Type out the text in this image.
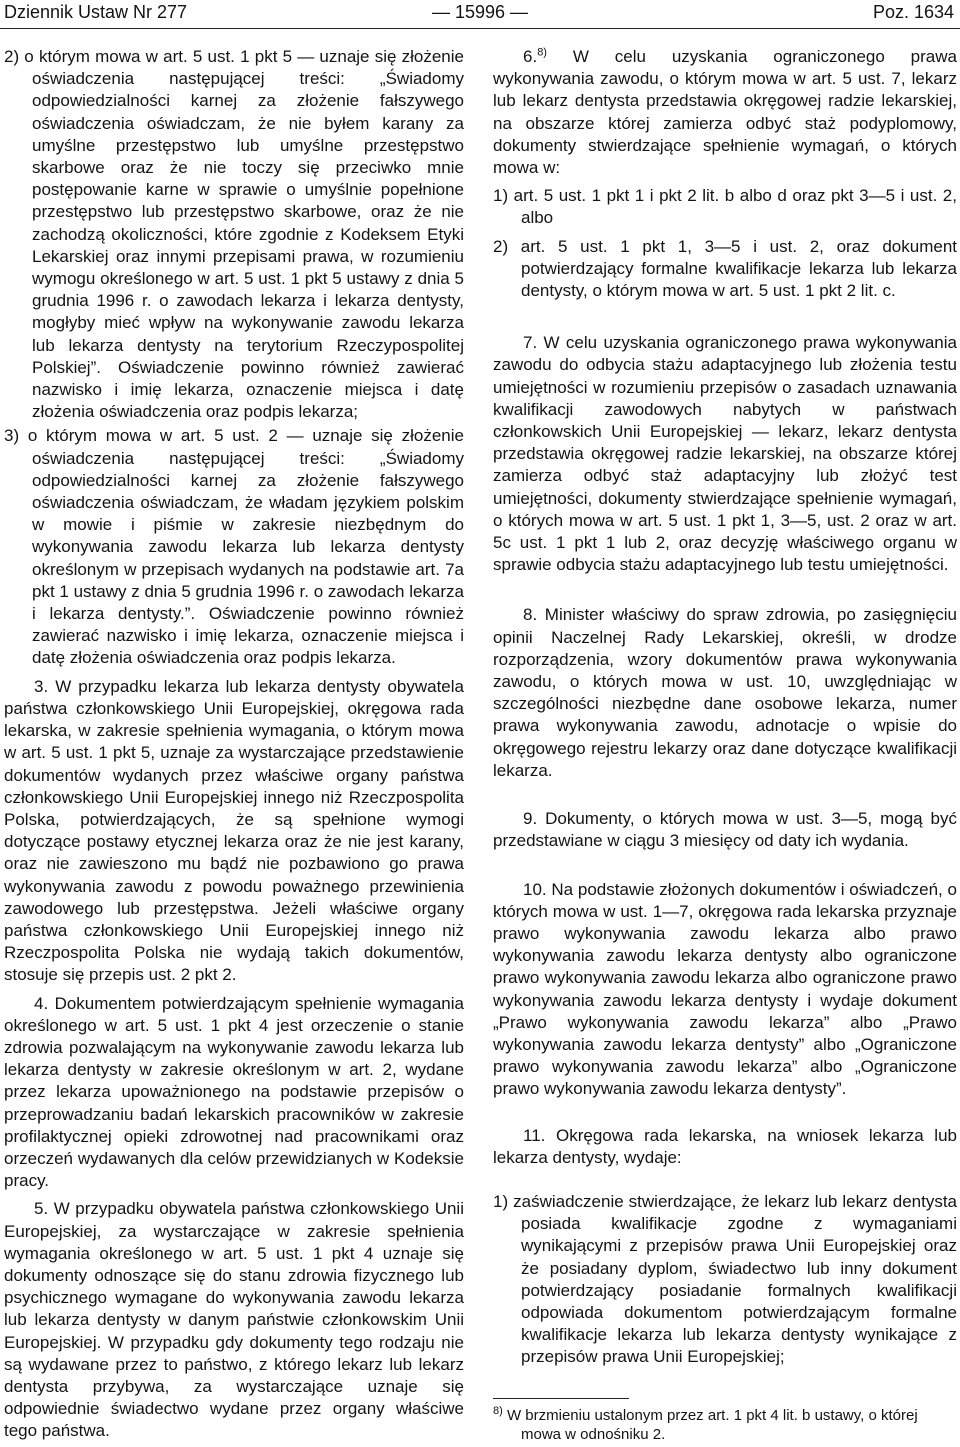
Dziennik Ustaw Nr 277	— 15996 —	Poz. 1634

2) o którym mowa w art. 5 ust. 1 pkt 5 — uznaje się złożenie oświadczenia następującej treści: „Świadomy odpowiedzialności karnej za złożenie fałszywego oświadczenia oświadczam, że nie byłem karany za umyślne przestępstwo lub umyślne przestępstwo skarbowe oraz że nie toczy się przeciwko mnie postępowanie karne w sprawie o umyślnie popełnione przestępstwo lub przestępstwo skarbowe, oraz że nie zachodzą okoliczności, które zgodnie z Kodeksem Etyki Lekarskiej oraz innymi przepisami prawa, w rozumieniu wymogu określonego w art. 5 ust. 1 pkt 5 ustawy z dnia 5 grudnia 1996 r. o zawodach lekarza i lekarza dentysty, mogłyby mieć wpływ na wykonywanie zawodu lekarza lub lekarza dentysty na terytorium Rzeczypospolitej Polskiej”. Oświadczenie powinno również zawierać nazwisko i imię lekarza, oznaczenie miejsca i datę złożenia oświadczenia oraz podpis lekarza;

3) o którym mowa w art. 5 ust. 2 — uznaje się złożenie oświadczenia następującej treści: „Świadomy odpowiedzialności karnej za złożenie fałszywego oświadczenia oświadczam, że władam językiem polskim w mowie i piśmie w zakresie niezbędnym do wykonywania zawodu lekarza lub lekarza dentysty określonym w przepisach wydanych na podstawie art. 7a pkt 1 ustawy z dnia 5 grudnia 1996 r. o zawodach lekarza i lekarza dentysty.”. Oświadczenie powinno również zawierać nazwisko i imię lekarza, oznaczenie miejsca i datę złożenia oświadczenia oraz podpis lekarza.

3. W przypadku lekarza lub lekarza dentysty obywatela państwa członkowskiego Unii Europejskiej, okręgowa rada lekarska, w zakresie spełnienia wymagania, o którym mowa w art. 5 ust. 1 pkt 5, uznaje za wystarczające przedstawienie dokumentów wydanych przez właściwe organy państwa członkowskiego Unii Europejskiej innego niż Rzeczpospolita Polska, potwierdzających, że są spełnione wymogi dotyczące postawy etycznej lekarza oraz że nie jest karany, oraz nie zawieszono mu bądź nie pozbawiono go prawa wykonywania zawodu z powodu poważnego przewinienia zawodowego lub przestępstwa. Jeżeli właściwe organy państwa członkowskiego Unii Europejskiej innego niż Rzeczpospolita Polska nie wydają takich dokumentów, stosuje się przepis ust. 2 pkt 2.

4. Dokumentem potwierdzającym spełnienie wymagania określonego w art. 5 ust. 1 pkt 4 jest orzeczenie o stanie zdrowia pozwalającym na wykonywanie zawodu lekarza lub lekarza dentysty w zakresie określonym w art. 2, wydane przez lekarza upoważnionego na podstawie przepisów o przeprowadzaniu badań lekarskich pracowników w zakresie profilaktycznej opieki zdrowotnej nad pracownikami oraz orzeczeń wydawanych dla celów przewidzianych w Kodeksie pracy.

5. W przypadku obywatela państwa członkowskiego Unii Europejskiej, za wystarczające w zakresie spełnienia wymagania określonego w art. 5 ust. 1 pkt 4 uznaje się dokumenty odnoszące się do stanu zdrowia fizycznego lub psychicznego wymagane do wykonywania zawodu lekarza lub lekarza dentysty w danym państwie członkowskim Unii Europejskiej. W przypadku gdy dokumenty tego rodzaju nie są wydawane przez to państwo, z którego lekarz lub lekarz dentysta przybywa, za wystarczające uznaje się odpowiednie świadectwo wydane przez organy właściwe tego państwa.

6.$^{8)}$ W celu uzyskania ograniczonego prawa wykonywania zawodu, o którym mowa w art. 5 ust. 7, lekarz lub lekarz dentysta przedstawia okręgowej radzie lekarskiej, na obszarze której zamierza odbyć staż podyplomowy, dokumenty stwierdzające spełnienie wymagań, o których mowa w:

1) art. 5 ust. 1 pkt 1 i pkt 2 lit. b albo d oraz pkt 3—5 i ust. 2, albo

2) art. 5 ust. 1 pkt 1, 3—5 i ust. 2, oraz dokument potwierdzający formalne kwalifikacje lekarza lub lekarza dentysty, o którym mowa w art. 5 ust. 1 pkt 2 lit. c.

7. W celu uzyskania ograniczonego prawa wykonywania zawodu do odbycia stażu adaptacyjnego lub złożenia testu umiejętności w rozumieniu przepisów o zasadach uznawania kwalifikacji zawodowych nabytych w państwach członkowskich Unii Europejskiej — lekarz, lekarz dentysta przedstawia okręgowej radzie lekarskiej, na obszarze której zamierza odbyć staż adaptacyjny lub złożyć test umiejętności, dokumenty stwierdzające spełnienie wymagań, o których mowa w art. 5 ust. 1 pkt 1, 3—5, ust. 2 oraz w art. 5c ust. 1 pkt 1 lub 2, oraz decyzję właściwego organu w sprawie odbycia stażu adaptacyjnego lub testu umiejętności.

8. Minister właściwy do spraw zdrowia, po zasięgnięciu opinii Naczelnej Rady Lekarskiej, określi, w drodze rozporządzenia, wzory dokumentów prawa wykonywania zawodu, o których mowa w ust. 10, uwzględniając w szczególności niezbędne dane osobowe lekarza, numer prawa wykonywania zawodu, adnotacje o wpisie do okręgowego rejestru lekarzy oraz dane dotyczące kwalifikacji lekarza.

9. Dokumenty, o których mowa w ust. 3—5, mogą być przedstawiane w ciągu 3 miesięcy od daty ich wydania.

10. Na podstawie złożonych dokumentów i oświadczeń, o których mowa w ust. 1—7, okręgowa rada lekarska przyznaje prawo wykonywania zawodu lekarza albo prawo wykonywania zawodu lekarza dentysty albo ograniczone prawo wykonywania zawodu lekarza albo ograniczone prawo wykonywania zawodu lekarza dentysty i wydaje dokument „Prawo wykonywania zawodu lekarza” albo „Prawo wykonywania zawodu lekarza dentysty” albo „Ograniczone prawo wykonywania zawodu lekarza” albo „Ograniczone prawo wykonywania zawodu lekarza dentysty”.

11. Okręgowa rada lekarska, na wniosek lekarza lub lekarza dentysty, wydaje:

1) zaświadczenie stwierdzające, że lekarz lub lekarz dentysta posiada kwalifikacje zgodne z wymaganiami wynikającymi z przepisów prawa Unii Europejskiej oraz że posiadany dyplom, świadectwo lub inny dokument potwierdzający posiadanie formalnych kwalifikacji odpowiada dokumentom potwierdzającym formalne kwalifikacje lekarza lub lekarza dentysty wynikające z przepisów prawa Unii Europejskiej;

$^{8)}$ W brzmieniu ustalonym przez art. 1 pkt 4 lit. b ustawy, o której mowa w odnośniku 2.
